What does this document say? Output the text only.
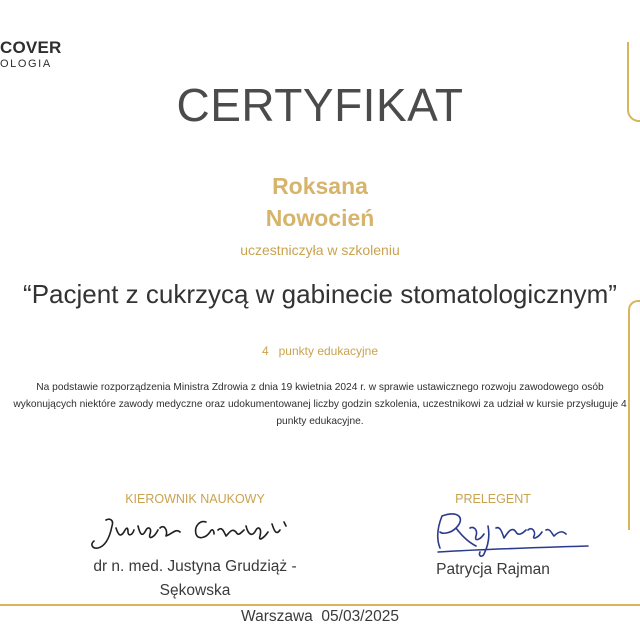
COVER
OLOGIA
CERTYFIKAT
Roksana
Nowocień
uczestniczyła w szkoleniu
“Pacjent z cukrzycą w gabinecie stomatologicznym”
4   punkty edukacyjne
Na podstawie rozporządzenia Ministra Zdrowia z dnia 19 kwietnia 2024 r. w sprawie ustawicznego rozwoju zawodowego osób wykonujących niektóre zawody medyczne oraz udokumentowanej liczby godzin szkolenia, uczestnikowi za udział w kursie przysługuje 4 punkty edukacyjne.
KIEROWNIK NAUKOWY	PRELEGENT
dr n. med. Justyna Grudziąż -
Sękowska
Patrycja Rajman
Warszawa  05/03/2025
